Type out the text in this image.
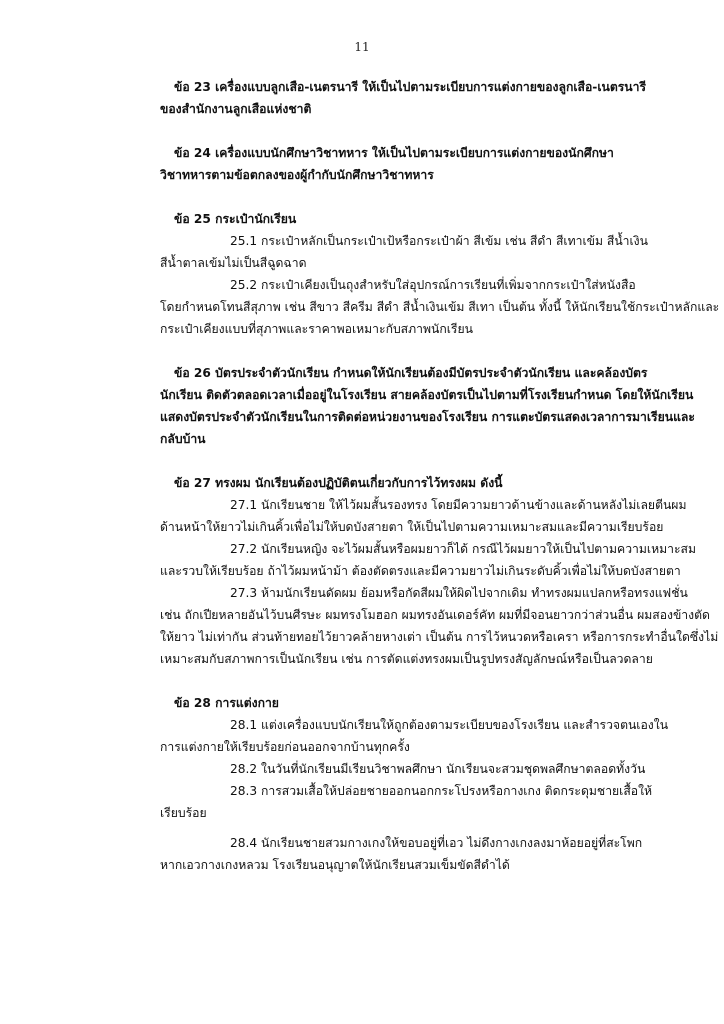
11
ข้อ 23 เครื่องแบบลูกเสือ-เนตรนารี ให้เป็นไปตามระเบียบการแต่งกายของลูกเสือ-เนตรนารี
ของสำนักงานลูกเสือแห่งชาติ
ข้อ 24 เครื่องแบบนักศึกษาวิชาทหาร ให้เป็นไปตามระเบียบการแต่งกายของนักศึกษา
วิชาทหารตามข้อตกลงของผู้กำกับนักศึกษาวิชาทหาร
ข้อ 25 กระเป๋านักเรียน
25.1 กระเป๋าหลักเป็นกระเป๋าเป้หรือกระเป๋าผ้า สีเข้ม เช่น สีดำ สีเทาเข้ม สีน้ำเงิน
สีน้ำตาลเข้มไม่เป็นสีฉูดฉาด
25.2 กระเป๋าเคียงเป็นถุงสำหรับใส่อุปกรณ์การเรียนที่เพิ่มจากกระเป๋าใส่หนังสือ
โดยกำหนดโทนสีสุภาพ เช่น สีขาว สีครีม สีดำ สีน้ำเงินเข้ม สีเทา เป็นต้น ทั้งนี้ ให้นักเรียนใช้กระเป๋าหลักและ
กระเป๋าเคียงแบบที่สุภาพและราคาพอเหมาะกับสภาพนักเรียน
ข้อ 26 บัตรประจำตัวนักเรียน กำหนดให้นักเรียนต้องมีบัตรประจำตัวนักเรียน และคล้องบัตร
นักเรียน ติดตัวตลอดเวลาเมื่ออยู่ในโรงเรียน สายคล้องบัตรเป็นไปตามที่โรงเรียนกำหนด โดยให้นักเรียน
แสดงบัตรประจำตัวนักเรียนในการติดต่อหน่วยงานของโรงเรียน การแตะบัตรแสดงเวลาการมาเรียนและ
กลับบ้าน
ข้อ 27 ทรงผม นักเรียนต้องปฏิบัติตนเกี่ยวกับการไว้ทรงผม ดังนี้
27.1 นักเรียนชาย ให้ไว้ผมสั้นรองทรง โดยมีความยาวด้านข้างและด้านหลังไม่เลยตีนผม
ด้านหน้าให้ยาวไม่เกินคิ้วเพื่อไม่ให้บดบังสายตา ให้เป็นไปตามความเหมาะสมและมีความเรียบร้อย
27.2 นักเรียนหญิง จะไว้ผมสั้นหรือผมยาวก็ได้ กรณีไว้ผมยาวให้เป็นไปตามความเหมาะสม
และรวบให้เรียบร้อย ถ้าไว้ผมหน้าม้า ต้องตัดตรงและมีความยาวไม่เกินระดับคิ้วเพื่อไม่ให้บดบังสายตา
27.3 ห้ามนักเรียนดัดผม ย้อมหรือกัดสีผมให้ผิดไปจากเดิม ทำทรงผมแปลกหรือทรงแฟชั่น
เช่น ถักเปียหลายอันไว้บนศีรษะ ผมทรงโมฮอก ผมทรงอันเดอร์คัท ผมที่มีจอนยาวกว่าส่วนอื่น ผมสองข้างตัด
ให้ยาว ไม่เท่ากัน ส่วนท้ายทอยไว้ยาวคล้ายหางเต่า เป็นต้น การไว้หนวดหรือเครา หรือการกระทำอื่นใดซึ่งไม่
เหมาะสมกับสภาพการเป็นนักเรียน เช่น การตัดแต่งทรงผมเป็นรูปทรงสัญลักษณ์หรือเป็นลวดลาย
ข้อ 28 การแต่งกาย
28.1 แต่งเครื่องแบบนักเรียนให้ถูกต้องตามระเบียบของโรงเรียน และสำรวจตนเองใน
การแต่งกายให้เรียบร้อยก่อนออกจากบ้านทุกครั้ง
28.2 ในวันที่นักเรียนมีเรียนวิชาพลศึกษา นักเรียนจะสวมชุดพลศึกษาตลอดทั้งวัน
28.3 การสวมเสื้อให้ปล่อยชายออกนอกกระโปรงหรือกางเกง ติดกระดุมชายเสื้อให้
เรียบร้อย
28.4 นักเรียนชายสวมกางเกงให้ขอบอยู่ที่เอว ไม่ดึงกางเกงลงมาห้อยอยู่ที่สะโพก
หากเอวกางเกงหลวม โรงเรียนอนุญาตให้นักเรียนสวมเข็มขัดสีดำได้
